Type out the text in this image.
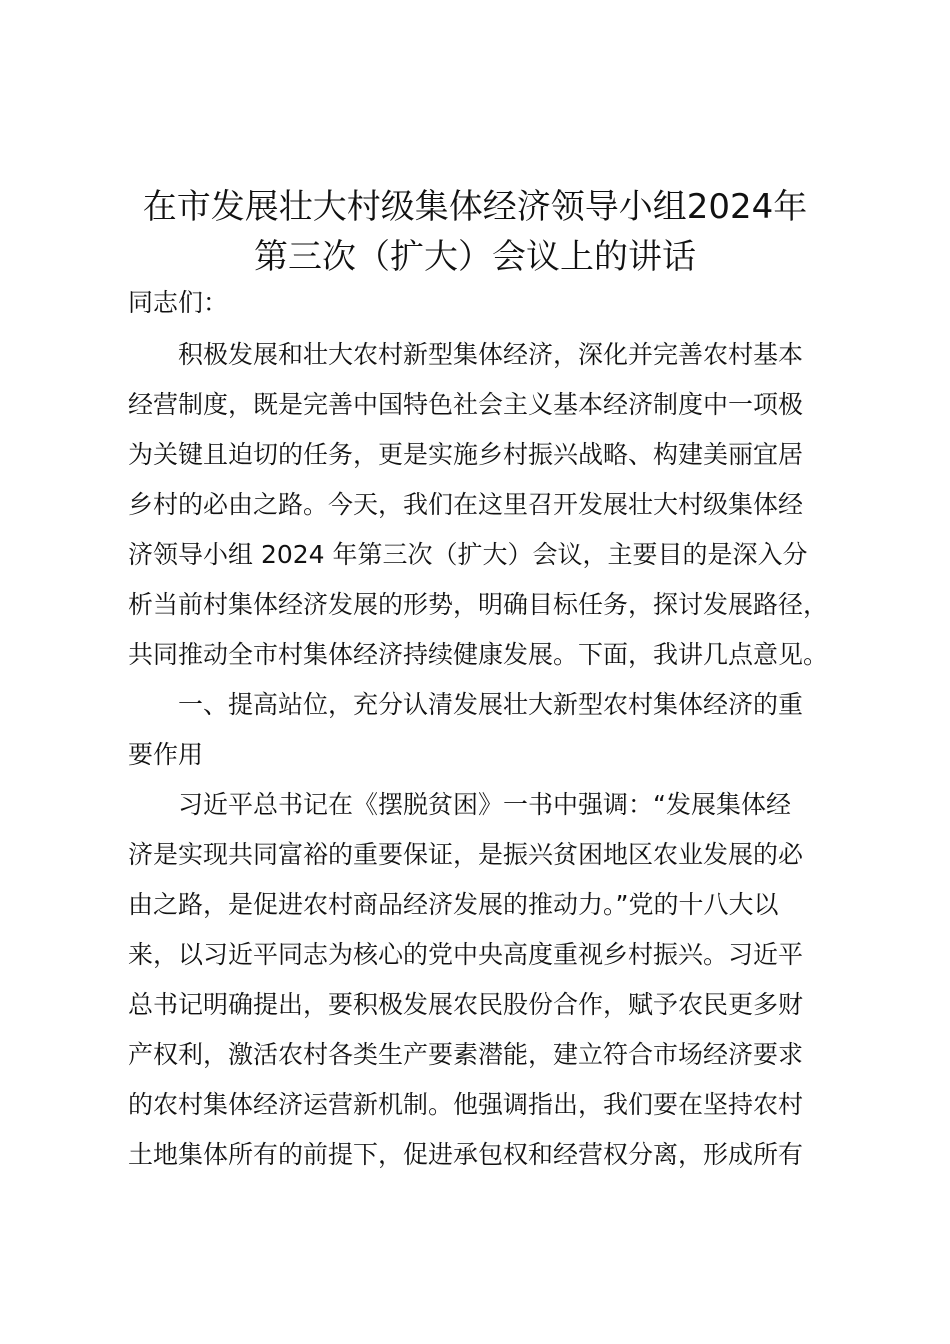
在市发展壮大村级集体经济领导小组2024年
第三次（扩大）会议上的讲话
同志们：
　　积极发展和壮大农村新型集体经济，深化并完善农村基本
经营制度，既是完善中国特色社会主义基本经济制度中一项极
为关键且迫切的任务，更是实施乡村振兴战略、构建美丽宜居
乡村的必由之路。今天，我们在这里召开发展壮大村级集体经
济领导小组 2024 年第三次（扩大）会议，主要目的是深入分
析当前村集体经济发展的形势，明确目标任务，探讨发展路径，
共同推动全市村集体经济持续健康发展。下面，我讲几点意见。
　　一、提高站位，充分认清发展壮大新型农村集体经济的重
要作用
　　习近平总书记在《摆脱贫困》一书中强调：“发展集体经
济是实现共同富裕的重要保证，是振兴贫困地区农业发展的必
由之路，是促进农村商品经济发展的推动力。”党的十八大以
来，以习近平同志为核心的党中央高度重视乡村振兴。习近平
总书记明确提出，要积极发展农民股份合作，赋予农民更多财
产权利，激活农村各类生产要素潜能，建立符合市场经济要求
的农村集体经济运营新机制。他强调指出，我们要在坚持农村
土地集体所有的前提下，促进承包权和经营权分离，形成所有
